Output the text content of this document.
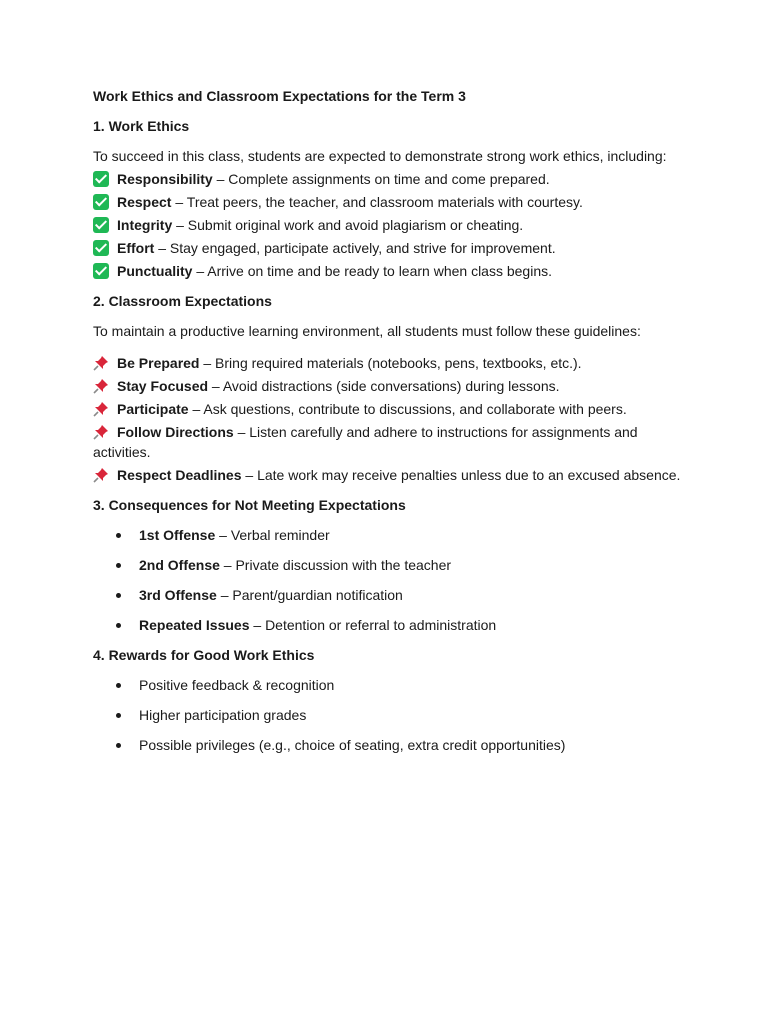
Work Ethics and Classroom Expectations for the Term 3

1. Work Ethics

To succeed in this class, students are expected to demonstrate strong work ethics, including:

Responsibility – Complete assignments on time and come prepared.
Respect – Treat peers, the teacher, and classroom materials with courtesy.
Integrity – Submit original work and avoid plagiarism or cheating.
Effort – Stay engaged, participate actively, and strive for improvement.
Punctuality – Arrive on time and be ready to learn when class begins.

2. Classroom Expectations

To maintain a productive learning environment, all students must follow these guidelines:

Be Prepared – Bring required materials (notebooks, pens, textbooks, etc.).
Stay Focused – Avoid distractions (side conversations) during lessons.
Participate – Ask questions, contribute to discussions, and collaborate with peers.
Follow Directions – Listen carefully and adhere to instructions for assignments and activities.
Respect Deadlines – Late work may receive penalties unless due to an excused absence.

3. Consequences for Not Meeting Expectations

1st Offense – Verbal reminder
2nd Offense – Private discussion with the teacher
3rd Offense – Parent/guardian notification
Repeated Issues – Detention or referral to administration

4. Rewards for Good Work Ethics

Positive feedback & recognition
Higher participation grades
Possible privileges (e.g., choice of seating, extra credit opportunities)
